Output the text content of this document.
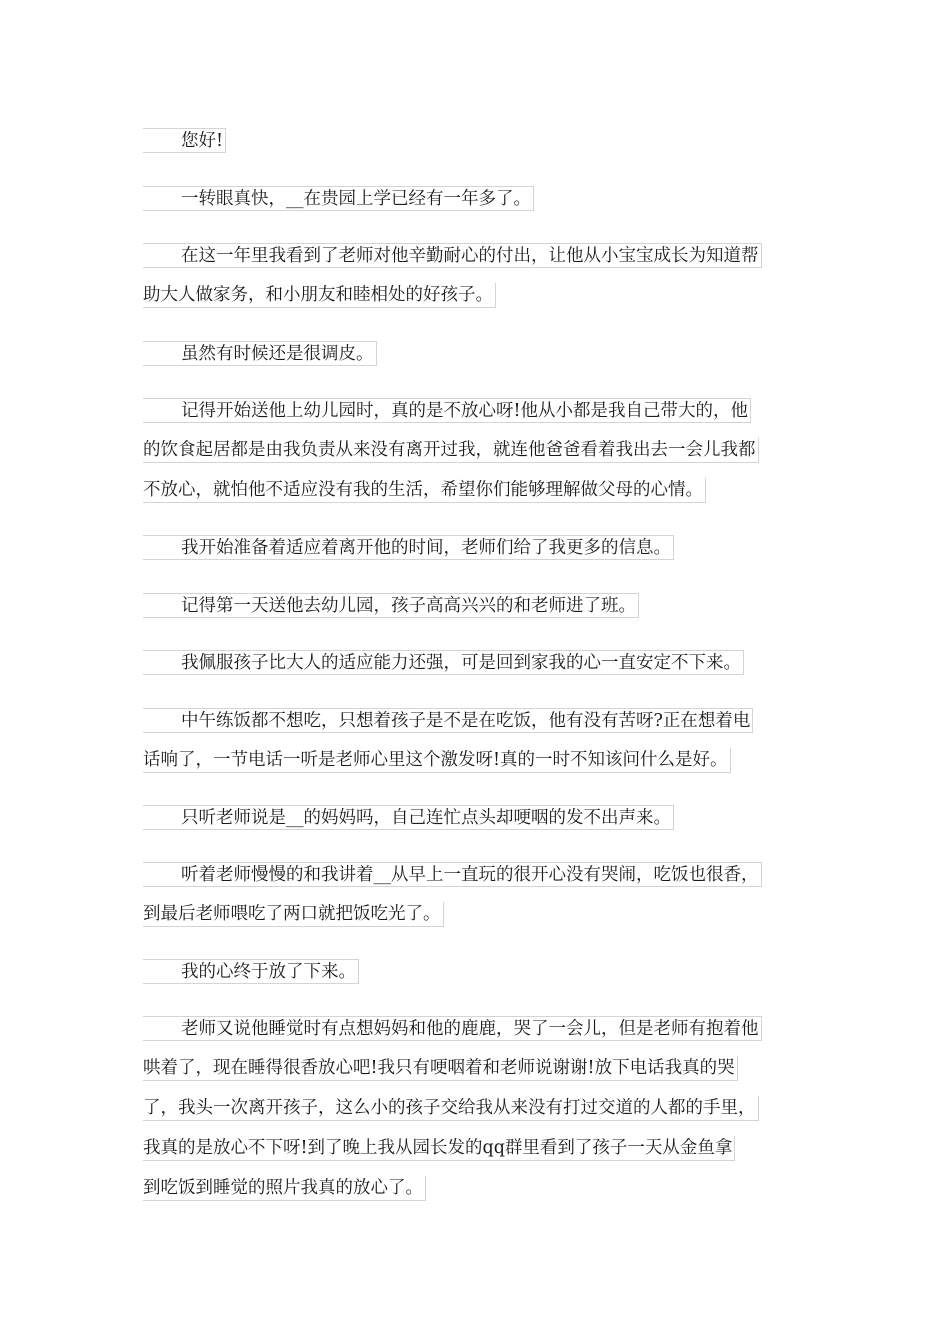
您好!
一转眼真快，__在贵园上学已经有一年多了。
在这一年里我看到了老师对他辛勤耐心的付出，让他从小宝宝成长为知道帮
助大人做家务，和小朋友和睦相处的好孩子。
虽然有时候还是很调皮。
记得开始送他上幼儿园时，真的是不放心呀!他从小都是我自己带大的，他
的饮食起居都是由我负责从来没有离开过我，就连他爸爸看着我出去一会儿我都
不放心，就怕他不适应没有我的生活，希望你们能够理解做父母的心情。
我开始准备着适应着离开他的时间，老师们给了我更多的信息。
记得第一天送他去幼儿园，孩子高高兴兴的和老师进了班。
我佩服孩子比大人的适应能力还强，可是回到家我的心一直安定不下来。
中午练饭都不想吃，只想着孩子是不是在吃饭，他有没有苦呀?正在想着电
话响了，一节电话一听是老师心里这个激发呀!真的一时不知该问什么是好。
只听老师说是__的妈妈吗，自己连忙点头却哽咽的发不出声来。
听着老师慢慢的和我讲着__从早上一直玩的很开心没有哭闹，吃饭也很香，
到最后老师喂吃了两口就把饭吃光了。
我的心终于放了下来。
老师又说他睡觉时有点想妈妈和他的鹿鹿，哭了一会儿，但是老师有抱着他
哄着了，现在睡得很香放心吧!我只有哽咽着和老师说谢谢!放下电话我真的哭
了，我头一次离开孩子，这么小的孩子交给我从来没有打过交道的人都的手里，
我真的是放心不下呀!到了晚上我从园长发的qq群里看到了孩子一天从金鱼拿
到吃饭到睡觉的照片我真的放心了。
